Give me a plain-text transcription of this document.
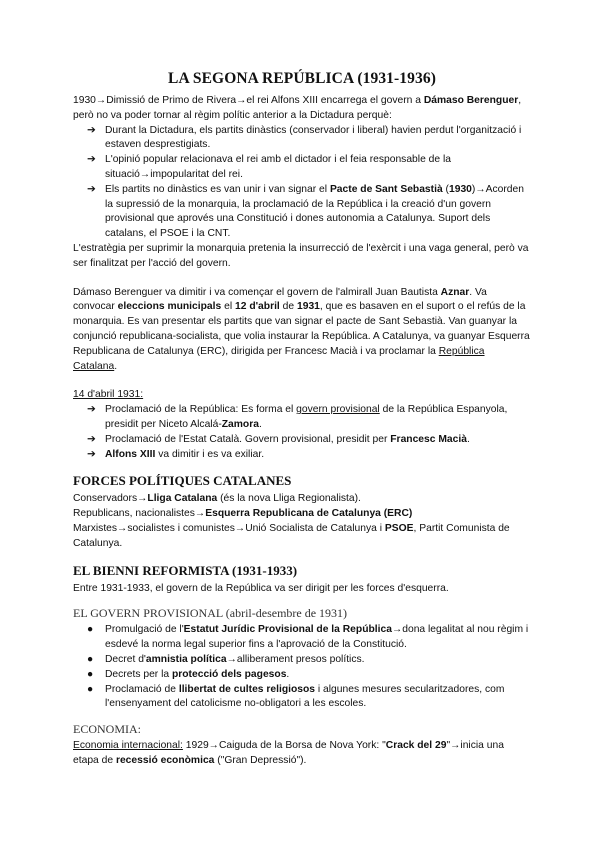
LA SEGONA REPÚBLICA (1931-1936)

1930→Dimissió de Primo de Rivera→el rei Alfons XIII encarrega el govern a Dámaso Berenguer, però no va poder tornar al règim polític anterior a la Dictadura perquè:

➔ Durant la Dictadura, els partits dinàstics (conservador i liberal) havien perdut l'organització i estaven desprestigiats.
➔ L'opinió popular relacionava el rei amb el dictador i el feia responsable de la situació→impopularitat del rei.
➔ Els partits no dinàstics es van unir i van signar el Pacte de Sant Sebastià (1930)→Acorden la supressió de la monarquia, la proclamació de la República i la creació d'un govern provisional que aprovés una Constitució i dones autonomia a Catalunya. Suport dels catalans, el PSOE i la CNT.

L'estratègia per suprimir la monarquia pretenia la insurrecció de l'exèrcit i una vaga general, però va ser finalitzat per l'acció del govern.

Dámaso Berenguer va dimitir i va començar el govern de l'almirall Juan Bautista Aznar. Va convocar eleccions municipals el 12 d'abril de 1931, que es basaven en el suport o el refús de la monarquia. Es van presentar els partits que van signar el pacte de Sant Sebastià. Van guanyar la conjunció republicana-socialista, que volia instaurar la República. A Catalunya, va guanyar Esquerra Republicana de Catalunya (ERC), dirigida per Francesc Macià i va proclamar la República Catalana.

14 d'abril 1931:

➔ Proclamació de la República: Es forma el govern provisional de la República Espanyola, presidit per Niceto Alcalá-Zamora.
➔ Proclamació de l'Estat Català. Govern provisional, presidit per Francesc Macià.
➔ Alfons XIII va dimitir i es va exiliar.
FORCES POLÍTIQUES CATALANES

Conservadors→Lliga Catalana (és la nova Lliga Regionalista).

Republicans, nacionalistes→Esquerra Republicana de Catalunya (ERC)

Marxistes→socialistes i comunistes→Unió Socialista de Catalunya i PSOE, Partit Comunista de Catalunya.

EL BIENNI REFORMISTA (1931-1933)

Entre 1931-1933, el govern de la República va ser dirigit per les forces d'esquerra.

EL GOVERN PROVISIONAL (abril-desembre de 1931)
●	Promulgació de l'Estatut Jurídic Provisional de la República→dona legalitat al nou règim i esdevé la norma legal superior fins a l'aprovació de la Constitució.
●	Decret d'amnistia política→alliberament presos polítics.
●	Decrets per la protecció dels pagesos.
●	Proclamació de llibertat de cultes religiosos i algunes mesures secularitzadores, com l'ensenyament del catolicisme no-obligatori a les escoles.
ECONOMIA:

Economia internacional: 1929→Caiguda de la Borsa de Nova York: "Crack del 29"→inicia una etapa de recessió econòmica ("Gran Depressió").
